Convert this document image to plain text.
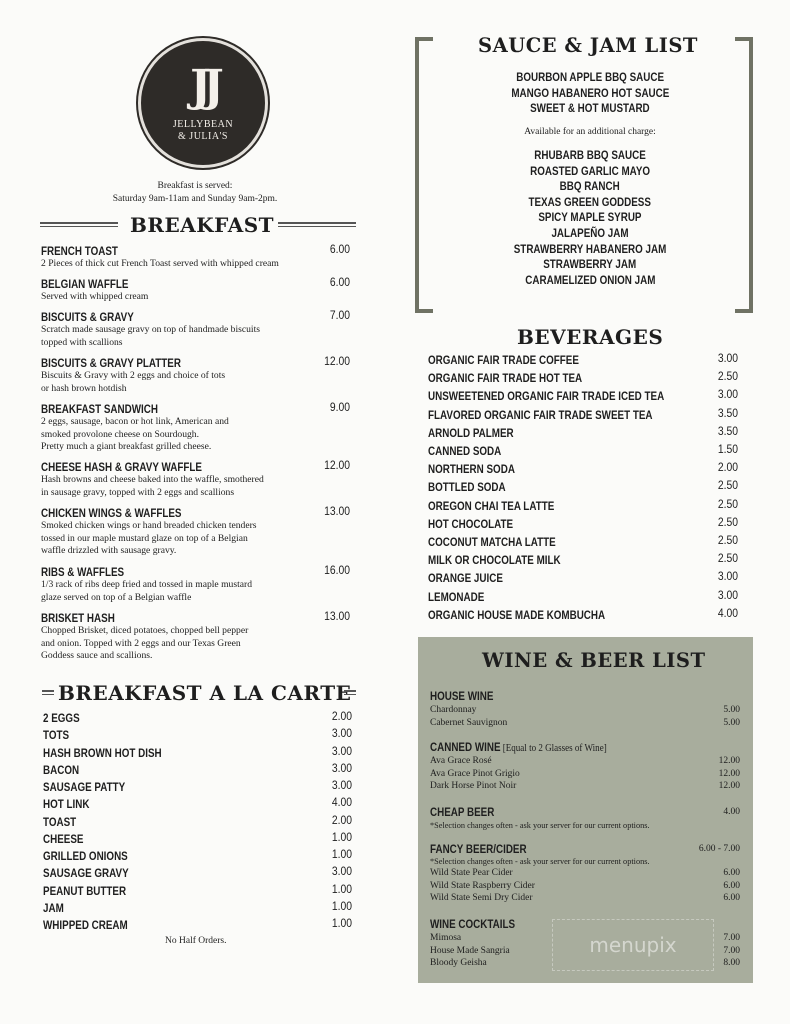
JJ
JELLYBEAN
& JULIA'S
Breakfast is served:
Saturday 9am-11am and Sunday 9am-2pm.
BREAKFAST
FRENCH TOAST	6.00
2 Pieces of thick cut French Toast served with whipped cream
BELGIAN WAFFLE	6.00
Served with whipped cream
BISCUITS & GRAVY	7.00
Scratch made sausage gravy on top of handmade biscuits
topped with scallions
BISCUITS & GRAVY PLATTER	12.00
Biscuits & Gravy with 2 eggs and choice of tots
or hash brown hotdish
BREAKFAST SANDWICH	9.00
2 eggs, sausage, bacon or hot link, American and
smoked provolone cheese on Sourdough.
Pretty much a giant breakfast grilled cheese.
CHEESE HASH & GRAVY WAFFLE	12.00
Hash browns and cheese baked into the waffle, smothered
in sausage gravy, topped with 2 eggs and scallions
CHICKEN WINGS & WAFFLES	13.00
Smoked chicken wings or hand breaded chicken tenders
tossed in our maple mustard glaze on top of a Belgian
waffle drizzled with sausage gravy.
RIBS & WAFFLES	16.00
1/3 rack of ribs deep fried and tossed in maple mustard
glaze served on top of a Belgian waffle
BRISKET HASH	13.00
Chopped Brisket, diced potatoes, chopped bell pepper
and onion. Topped with 2 eggs and our Texas Green
Goddess sauce and scallions.
BREAKFAST A LA CARTE
2 EGGS	2.00
TOTS	3.00
HASH BROWN HOT DISH	3.00
BACON	3.00
SAUSAGE PATTY	3.00
HOT LINK	4.00
TOAST	2.00
CHEESE	1.00
GRILLED ONIONS	1.00
SAUSAGE GRAVY	3.00
PEANUT BUTTER	1.00
JAM	1.00
WHIPPED CREAM	1.00
No Half Orders.
SAUCE & JAM LIST
BOURBON APPLE BBQ SAUCE
MANGO HABANERO HOT SAUCE
SWEET & HOT MUSTARD
Available for an additional charge:
RHUBARB BBQ SAUCE
ROASTED GARLIC MAYO
BBQ RANCH
TEXAS GREEN GODDESS
SPICY MAPLE SYRUP
JALAPEÑO JAM
STRAWBERRY HABANERO JAM
STRAWBERRY JAM
CARAMELIZED ONION JAM
BEVERAGES
ORGANIC FAIR TRADE COFFEE	3.00
ORGANIC FAIR TRADE HOT TEA	2.50
UNSWEETENED ORGANIC FAIR TRADE ICED TEA	3.00
FLAVORED ORGANIC FAIR TRADE SWEET TEA	3.50
ARNOLD PALMER	3.50
CANNED SODA	1.50
NORTHERN SODA	2.00
BOTTLED SODA	2.50
OREGON CHAI TEA LATTE	2.50
HOT CHOCOLATE	2.50
COCONUT MATCHA LATTE	2.50
MILK OR CHOCOLATE MILK	2.50
ORANGE JUICE	3.00
LEMONADE	3.00
ORGANIC HOUSE MADE KOMBUCHA	4.00
WINE & BEER LIST
HOUSE WINE
Chardonnay	5.00
Cabernet Sauvignon	5.00
CANNED WINE [Equal to 2 Glasses of Wine]
Ava Grace Rosé	12.00
Ava Grace Pinot Grigio	12.00
Dark Horse Pinot Noir	12.00
CHEAP BEER	4.00
*Selection changes often - ask your server for our current options.
FANCY BEER/CIDER	6.00 - 7.00
*Selection changes often - ask your server for our current options.
Wild State Pear Cider	6.00
Wild State Raspberry Cider	6.00
Wild State Semi Dry Cider	6.00
WINE COCKTAILS
Mimosa	7.00
House Made Sangria	7.00
Bloody Geisha	8.00
menupix
